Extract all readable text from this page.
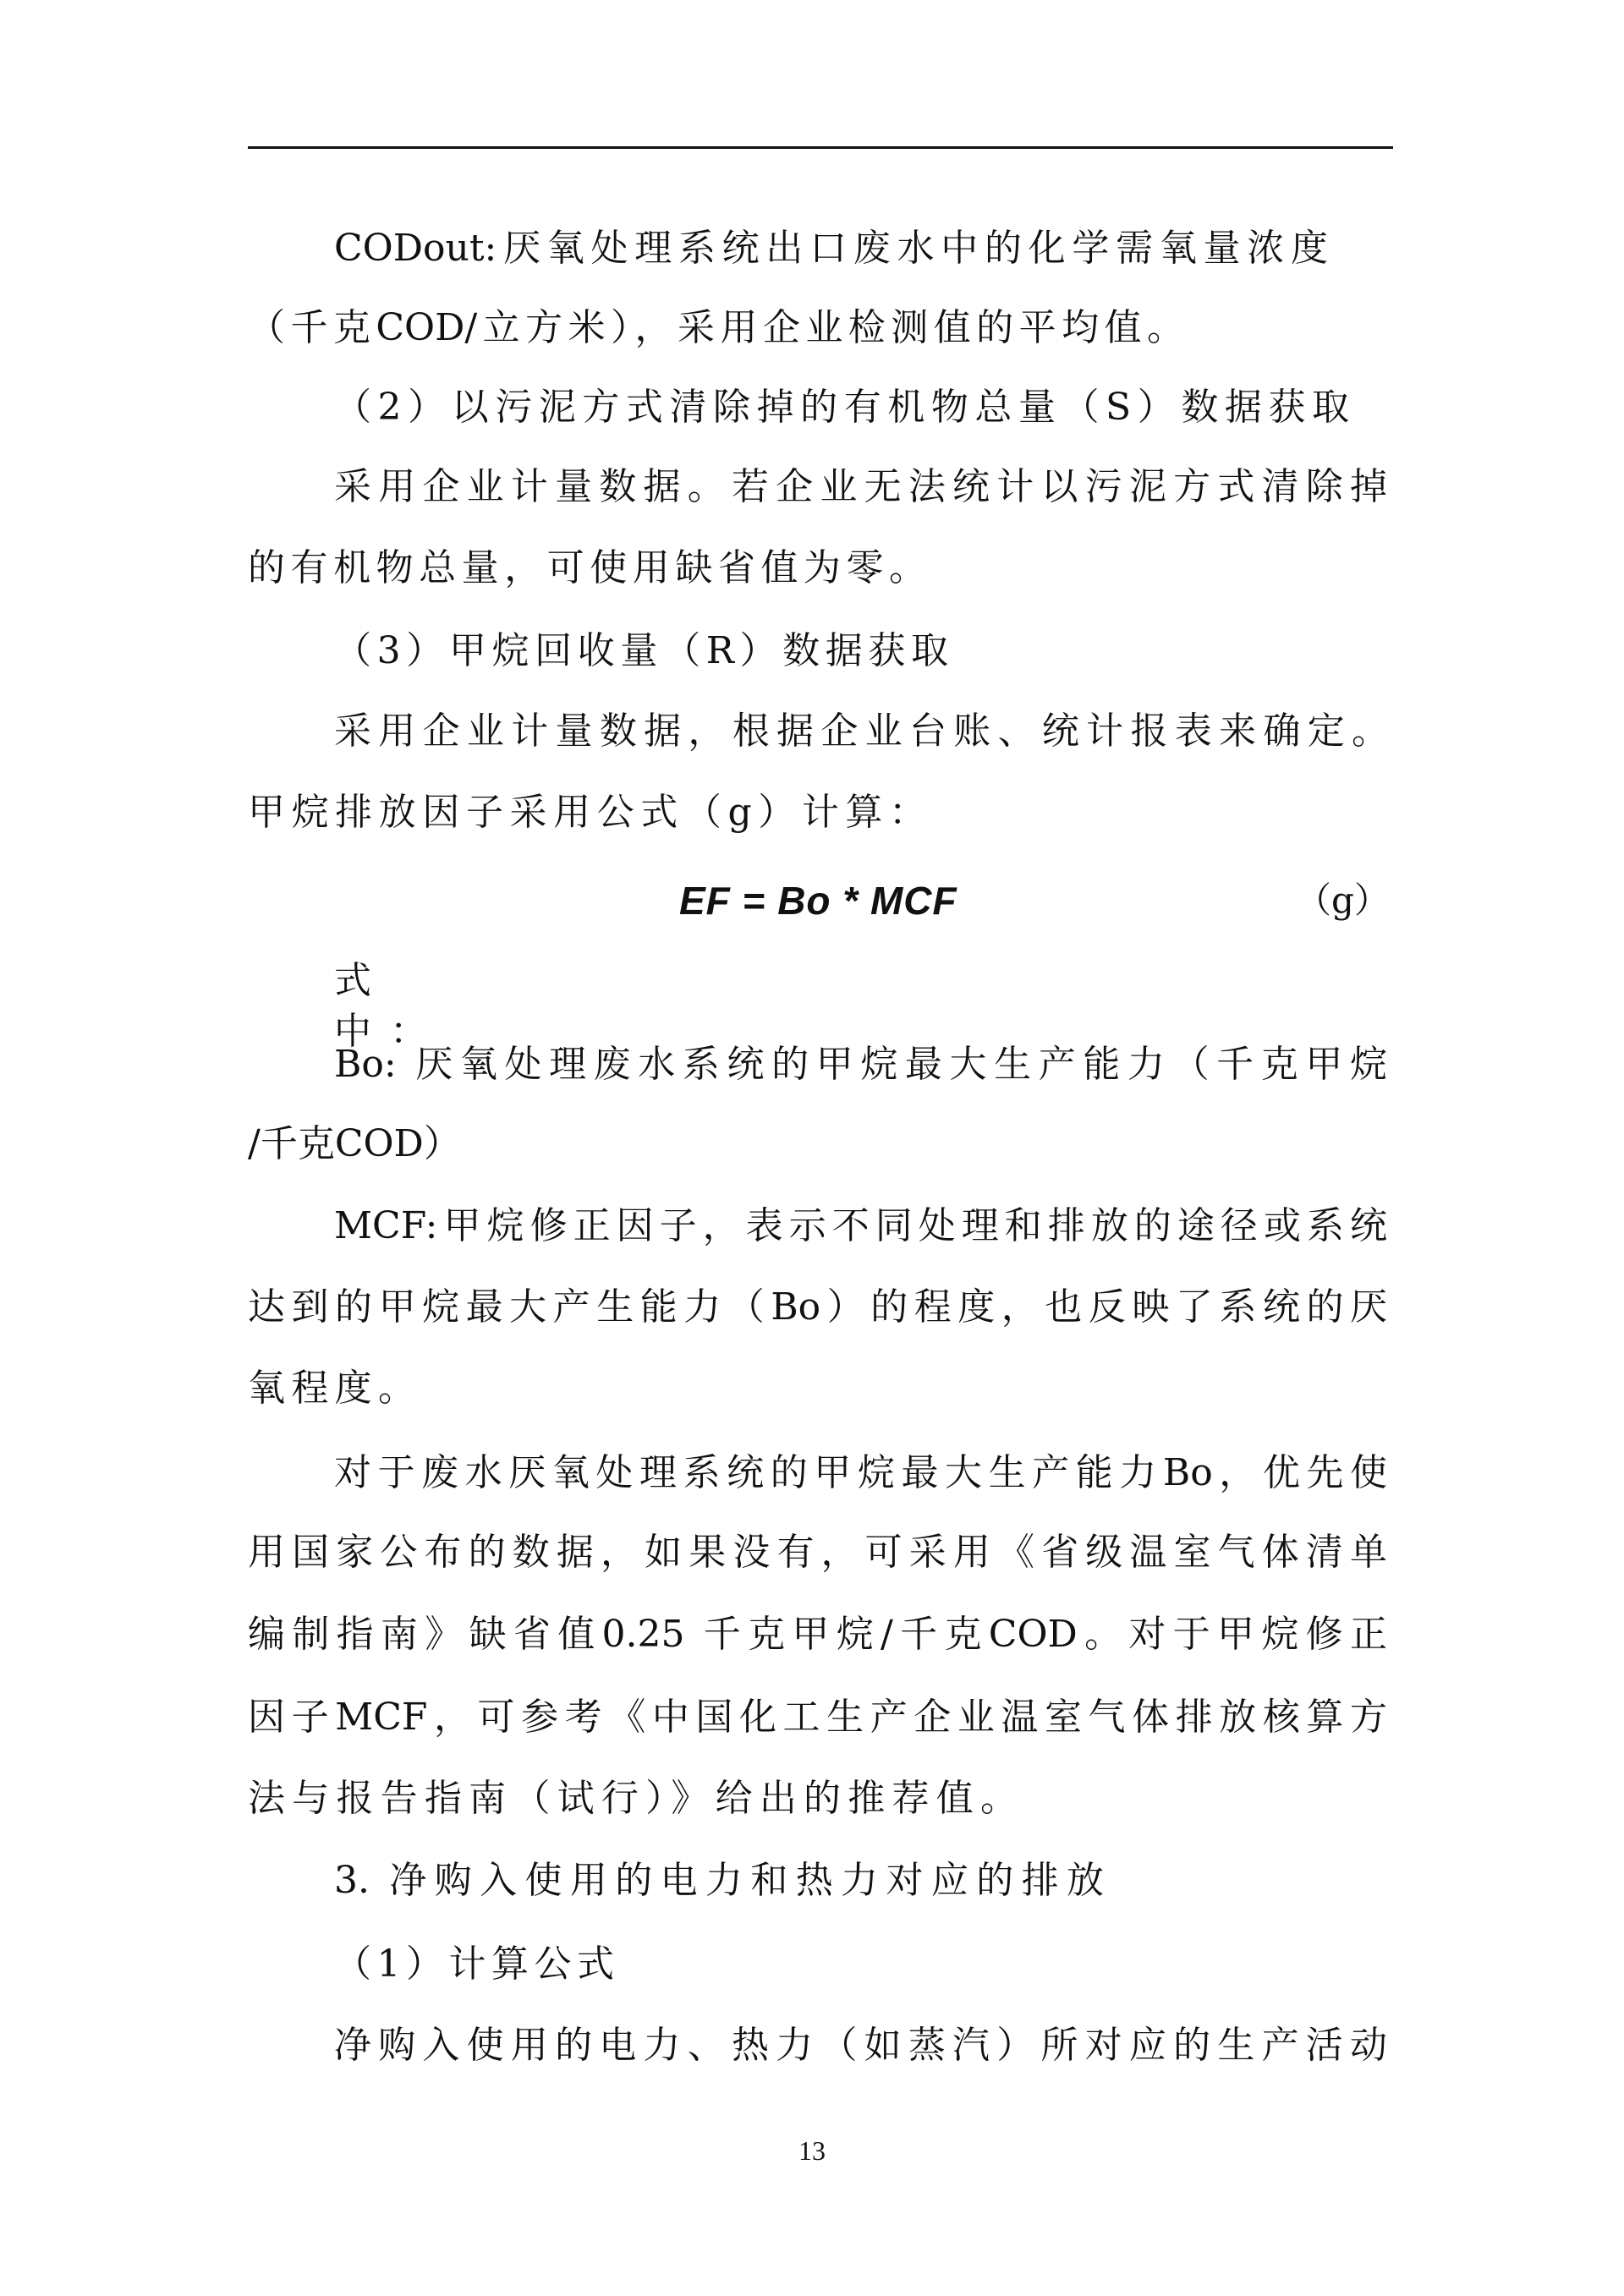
CODout:厌氧处理系统出口废水中的化学需氧量浓度
（千克COD/立方米），采用企业检测值的平均值。
（2）以污泥方式清除掉的有机物总量（S）数据获取
采用企业计量数据。若企业无法统计以污泥方式清除掉
的有机物总量，可使用缺省值为零。
（3）甲烷回收量（R）数据获取
采用企业计量数据，根据企业台账、统计报表来确定。
甲烷排放因子采用公式（g）计算：
EF = Bo * MCF	（g）
式中：
Bo: 厌氧处理废水系统的甲烷最大生产能力（千克甲烷
/千克COD）
MCF:甲烷修正因子，表示不同处理和排放的途径或系统
达到的甲烷最大产生能力（Bo）的程度，也反映了系统的厌
氧程度。
对于废水厌氧处理系统的甲烷最大生产能力Bo，优先使
用国家公布的数据，如果没有，可采用《省级温室气体清单
编制指南》缺省值0.25 千克甲烷/千克COD。对于甲烷修正
因子MCF，可参考《中国化工生产企业温室气体排放核算方
法与报告指南（试行）》给出的推荐值。
3. 净购入使用的电力和热力对应的排放
（1）计算公式
净购入使用的电力、热力（如蒸汽）所对应的生产活动
13
